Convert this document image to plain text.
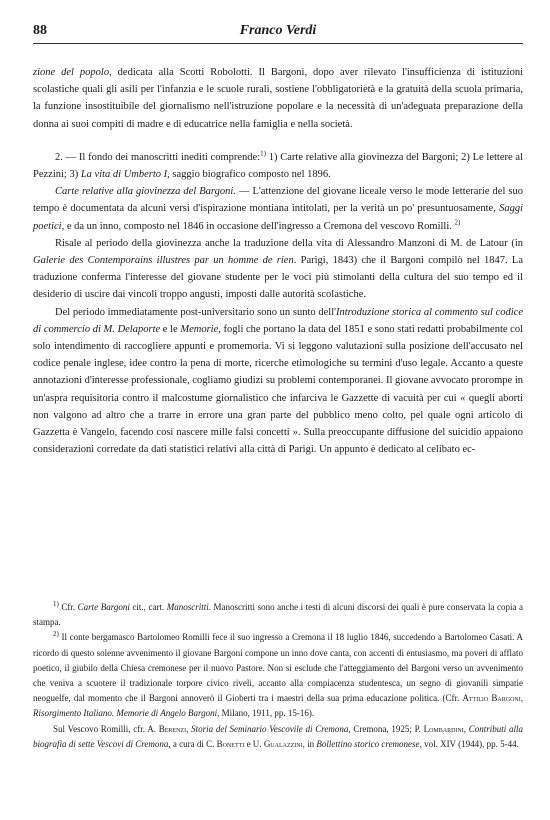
88	Franco Verdi

zione del popolo, dedicata alla Scotti Robolotti. Il Bargoni, dopo aver rilevato l'insufficienza di istituzioni scolastiche quali gli asili per l'infanzia e le scuole rurali, sostiene l'obbligatorietà e la gratuità della scuola primaria, la funzione insostituibile del giornalismo nell'istruzione popolare e la necessità di un'adeguata preparazione della donna ai suoi compiti di madre e di educatrice nella famiglia e nella società.

2. — Il fondo dei manoscritti inediti comprende:$^{1)}$ 1) Carte relative alla giovinezza del Bargoni; 2) Le lettere al Pezzini; 3) La vita di Umberto I, saggio biografico composto nel 1896.

Carte relative alla giovinezza del Bargoni. — L'attenzione del giovane liceale verso le mode letterarie del suo tempo è documentata da alcuni versi d'ispirazione montiana intitolati, per la verità un po' presuntuosamente, Saggi poetici, e da un inno, composto nel 1846 in occasione dell'ingresso a Cremona del vescovo Romilli. $^{2)}$

Risale al periodo della giovinezza anche la traduzione della vita di Alessandro Manzoni di M. de Latour (in Galerie des Contemporains illustres par un homme de rien. Parigi, 1843) che il Bargoni compilò nel 1847. La traduzione conferma l'interesse del giovane studente per le voci più stimolanti della cultura del suo tempo ed il desiderio di uscire dai vincoli troppo angusti, imposti dalle autorità scolastiche.

Del periodo immediatamente post-universitario sono un sunto dell'Introduzione storica al commento sul codice di commercio di M. Delaporte e le Memorie, fogli che portano la data del 1851 e sono stati redatti probabilmente col solo intendimento di raccogliere appunti e promemoria. Vi si leggono valutazioni sulla posizione dell'accusato nel codice penale inglese, idee contro la pena di morte, ricerche etimologiche su termini d'uso legale. Accanto a queste annotazioni d'interesse professionale, cogliamo giudizi su problemi contemporanei. Il giovane avvocato prorompe in un'aspra requisitoria contro il malcostume giornalistico che infarciva le Gazzette di vacuità per cui « quegli aborti non valgono ad altro che a trarre in errore una gran parte del pubblico meno colto, pel quale ogni articolo di Gazzetta è Vangelo, facendo così nascere mille falsi concetti ». Sulla preoccupante diffusione del suicidio appaiono considerazioni corredate da dati statistici relativi alla città di Parigi. Un appunto è dedicato al celibato ec-

$^{1)}$ Cfr. Carte Bargoni cit., cart. Manoscritti. Manoscritti sono anche i testi di alcuni discorsi dei quali è pure conservata la copia a stampa.

$^{2)}$ Il conte bergamasco Bartolomeo Romilli fece il suo ingresso a Cremona il 18 luglio 1846, succedendo a Bartolomeo Casati. A ricordo di questo solenne avvenimento il giovane Bargoni compone un inno dove canta, con accenti di entusiasmo, ma poveri di afflato poetico, il giubilo della Chiesa cremonese per il nuovo Pastore. Non si esclude che l'atteggiamento del Bargoni verso un avvenimento che veniva a scuotere il tradizionale torpore civico riveli, accanto alla compiacenza studentesca, un segno di giovanili simpatie neoguelfe, dal momento che il Bargoni annoverò il Gioberti tra i maestri della sua prima educazione politica. (Cfr. Attilio Bargoni, Risorgimento Italiano. Memorie di Angelo Bargoni, Milano, 1911, pp. 15-16).

Sul Vescovo Romilli, cfr. A. Berenzi, Storia del Seminario Vescovile di Cremona, Cremona, 1925; P. Lombardini, Contributi alla biografia di sette Vescovi di Cremona, a cura di C. Bonetti e U. Gualazzini, in Bollettino storico cremonese, vol. XIV (1944), pp. 5-44.
